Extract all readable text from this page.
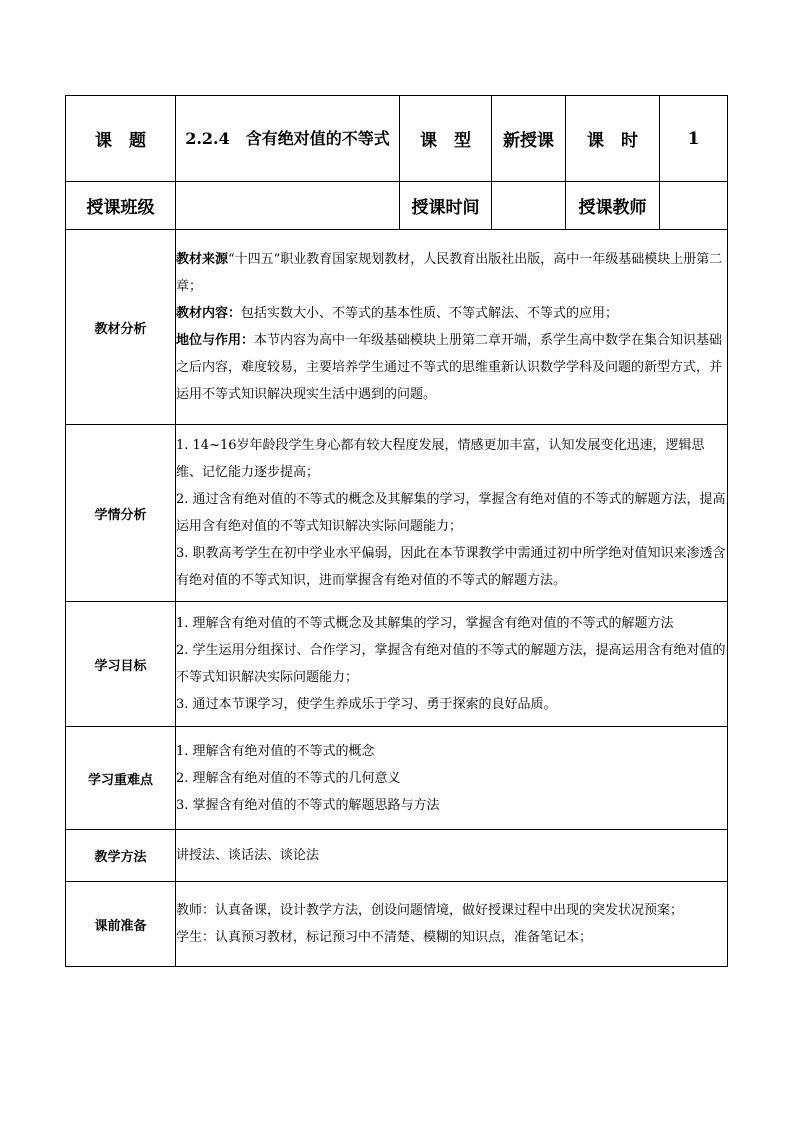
课　题	2.2.4　含有绝对值的不等式	课　型	新授课	课　时	1
授课班级		授课时间		授课教师	
教材分析	教材来源“十四五”职业教育国家规划教材，人民教育出版社出版，高中一年级基础模块上册第二章；

教材内容：包括实数大小、不等式的基本性质、不等式解法、不等式的应用；

地位与作用：本节内容为高中一年级基础模块上册第二章开端，系学生高中数学在集合知识基础之后内容，难度较易，主要培养学生通过不等式的思维重新认识数学学科及问题的新型方式，并运用不等式知识解决现实生活中遇到的问题。				

学情分析	1. 14~16岁年龄段学生身心都有较大程度发展，情感更加丰富，认知发展变化迅速，逻辑思维、记忆能力逐步提高；

2. 通过含有绝对值的不等式的概念及其解集的学习，掌握含有绝对值的不等式的解题方法，提高运用含有绝对值的不等式知识解决实际问题能力；

3. 职教高考学生在初中学业水平偏弱，因此在本节课教学中需通过初中所学绝对值知识来渗透含有绝对值的不等式知识，进而掌握含有绝对值的不等式的解题方法。				

学习目标	1. 理解含有绝对值的不等式概念及其解集的学习，掌握含有绝对值的不等式的解题方法

2. 学生运用分组探讨、合作学习，掌握含有绝对值的不等式的解题方法，提高运用含有绝对值的不等式知识解决实际问题能力；

3. 通过本节课学习，使学生养成乐于学习、勇于探索的良好品质。				

学习重难点	1. 理解含有绝对值的不等式的概念

2. 理解含有绝对值的不等式的几何意义

3. 掌握含有绝对值的不等式的解题思路与方法				

教学方法	讲授法、谈话法、谈论法				

课前准备	教师：认真备课，设计教学方法，创设问题情境，做好授课过程中出现的突发状况预案；

学生：认真预习教材，标记预习中不清楚、模糊的知识点，准备笔记本；				
